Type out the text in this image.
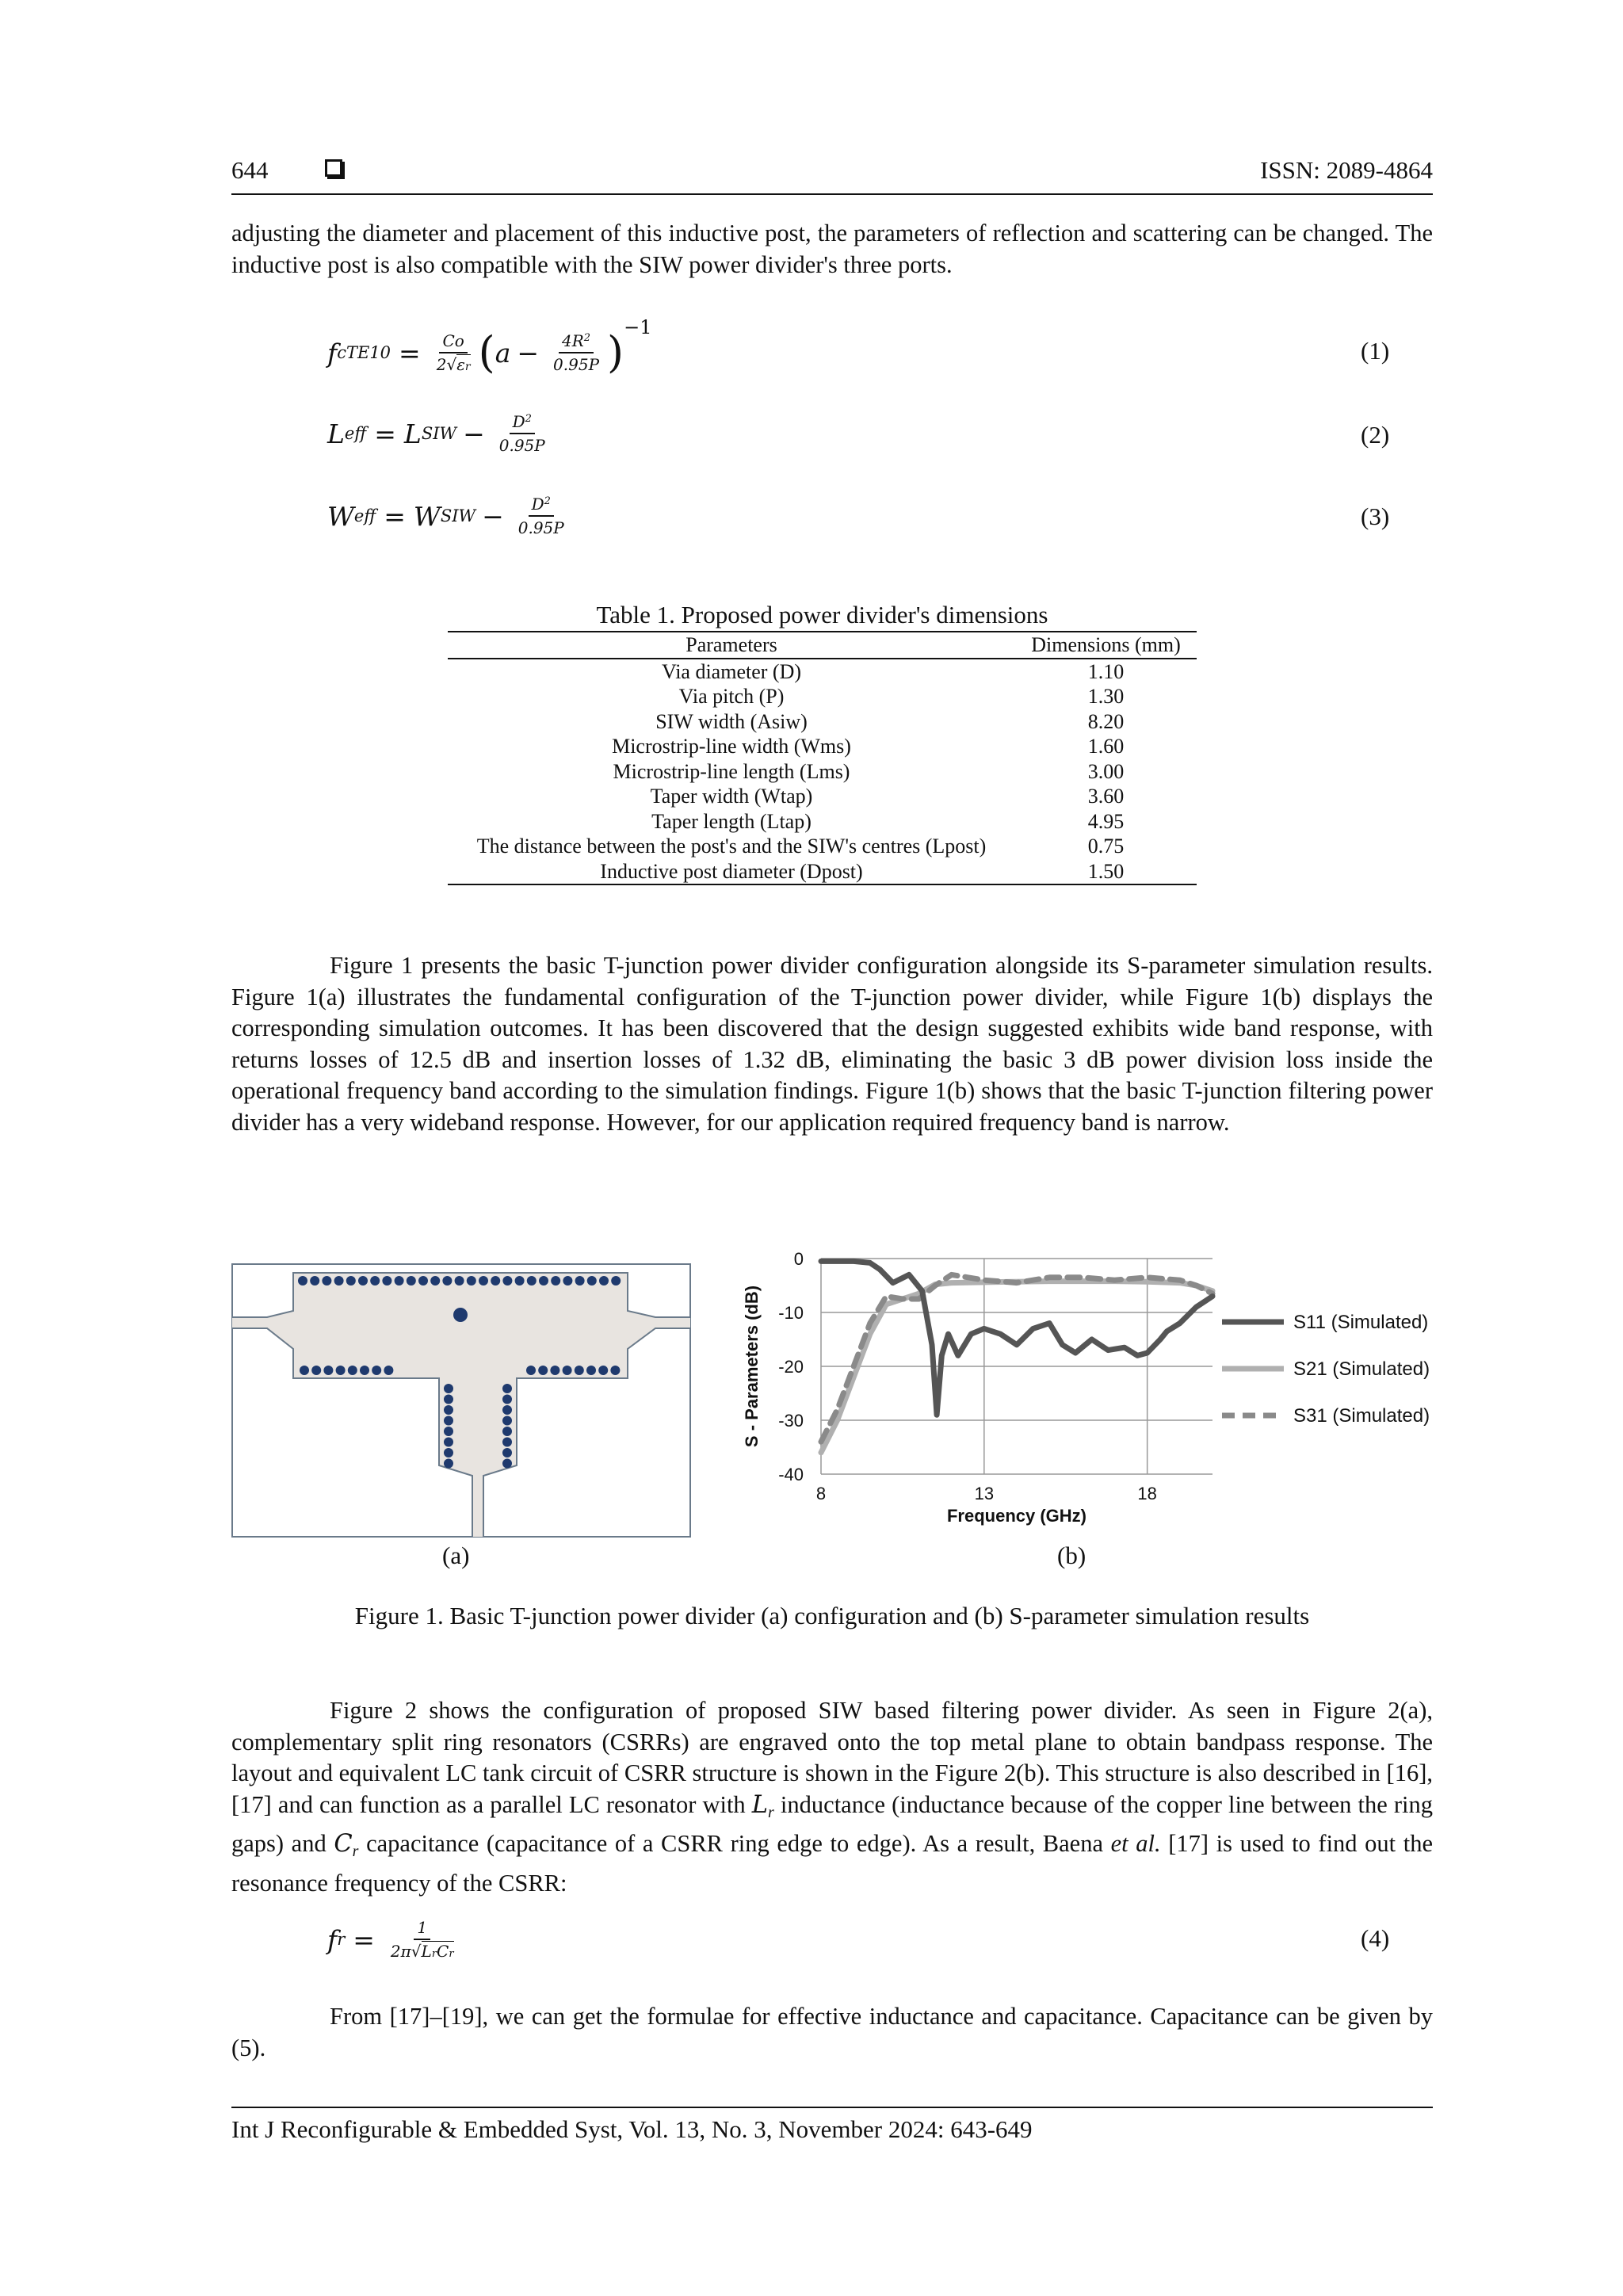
644	ISSN: 2089-4864

adjusting the diameter and placement of this inductive post, the parameters of reflection and scattering can be changed. The inductive post is also compatible with the SIW power divider's three ports.

f $cTE10 = \frac{Co}{2√\varepsilon r}$ ( $a - \frac{4R^2}{0.95P}$ ) −1
(1)
L eff = L SIW − $\frac{D^2}{0.95P}$	(2)
W eff = W SIW − $\frac{D^2}{0.95P}$	(3)
Table 1. Proposed power divider's dimensions
Parameters	Dimensions (mm)
Via diameter (D)	1.10
Via pitch (P)	1.30
SIW width (Asiw)	8.20
Microstrip-line width (Wms)	1.60
Microstrip-line length (Lms)	3.00
Taper width (Wtap)	3.60
Taper length (Ltap)	4.95
The distance between the post's and the SIW's centres (Lpost)	0.75
Inductive post diameter (Dpost)	1.50

Figure 1 presents the basic T-junction power divider configuration alongside its S-parameter simulation results. Figure 1(a) illustrates the fundamental configuration of the T-junction power divider, while Figure 1(b) displays the corresponding simulation outcomes. It has been discovered that the design suggested exhibits wide band response, with returns losses of 12.5 dB and insertion losses of 1.32 dB, eliminating the basic 3 dB power division loss inside the operational frequency band according to the simulation findings. Figure 1(b) shows that the basic T-junction filtering power divider has a very wideband response. However, for our application required frequency band is narrow.

(a)
0
-10
-20
-30
-40
8	13	18
Frequency (GHz)
S - Parameters (dB)	S11 (Simulated)
S21 (Simulated)
S31 (Simulated)
(b)
Figure 1. Basic T-junction power divider (a) configuration and (b) S-parameter simulation results

Figure 2 shows the configuration of proposed SIW based filtering power divider. As seen in Figure 2(a), complementary split ring resonators (CSRRs) are engraved onto the top metal plane to obtain bandpass response. The layout and equivalent LC tank circuit of CSRR structure is shown in the Figure 2(b). This structure is also described in [16], [17] and can function as a parallel LC resonator with Lr inductance (inductance because of the copper line between the ring gaps) and Cr capacitance (capacitance of a CSRR ring edge to edge). As a result, Baena et al. [17] is used to find out the resonance frequency of the CSRR:

f $r = \frac{1}{\text{2π√LrCr}}$	(4)

From [17]–[19], we can get the formulae for effective inductance and capacitance. Capacitance can be given by (5).

Int J Reconfigurable & Embedded Syst, Vol. 13, No. 3, November 2024: 643-649
